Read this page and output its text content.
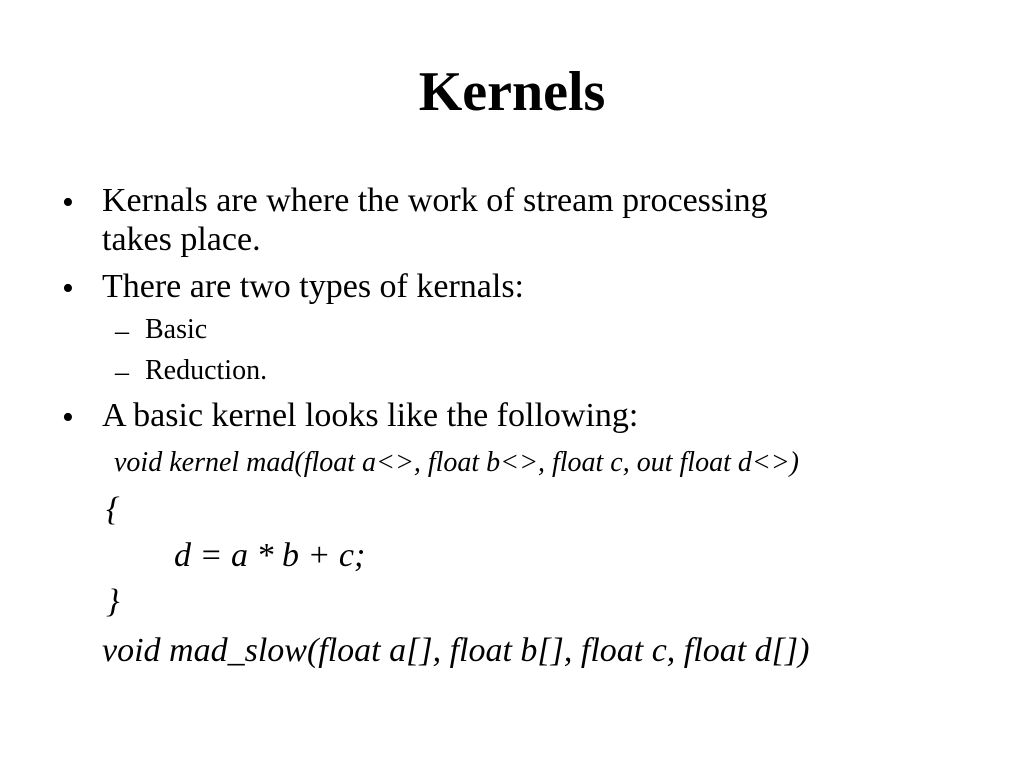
Kernels
• Kernals are where the work of stream processing
takes place.
• There are two types of kernals:
– Basic
– Reduction.
• A basic kernel looks like the following:
void kernel mad(float a<>, float b<>, float c, out float d<>)
{
d = a * b + c;
}
void mad_slow(float a[], float b[], float c, float d[])
